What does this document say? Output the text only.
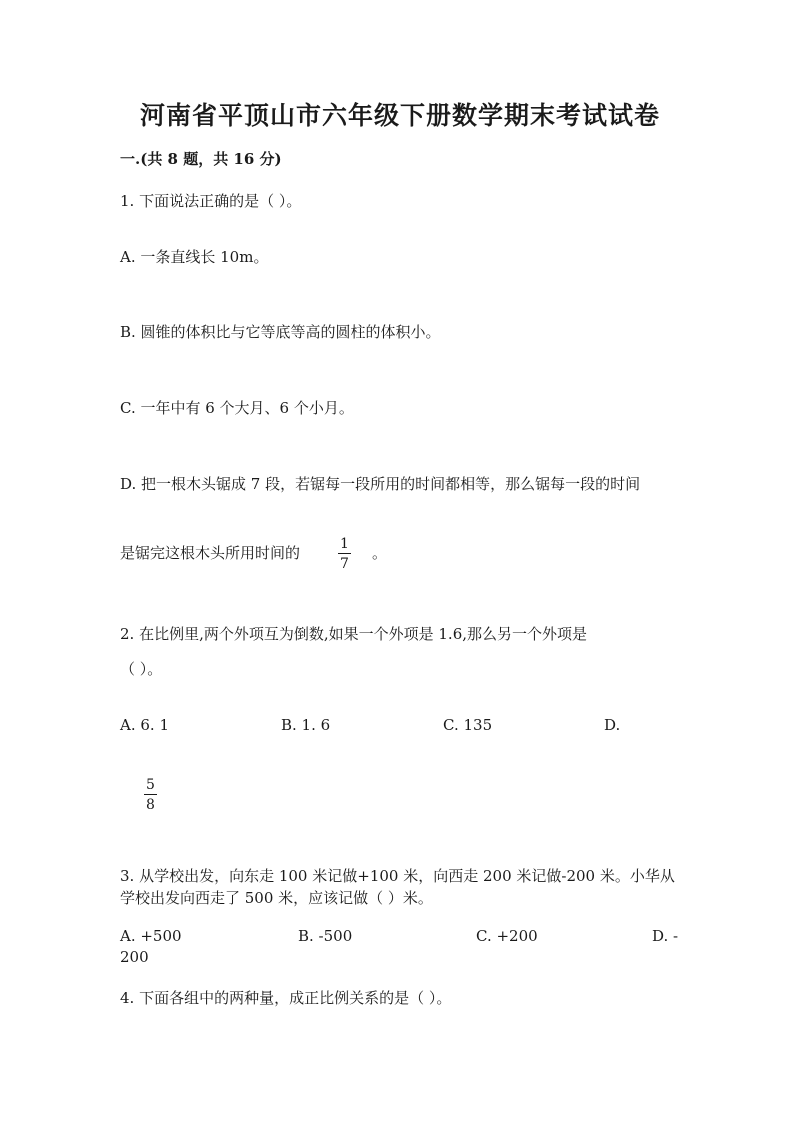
河南省平顶山市六年级下册数学期末考试试卷
一.(共 8 题，共 16 分)
1. 下面说法正确的是（ ）。
A. 一条直线长 10m。
B. 圆锥的体积比与它等底等高的圆柱的体积小。
C. 一年中有 6 个大月、6 个小月。
D. 把一根木头锯成 7 段，若锯每一段所用的时间都相等，那么锯每一段的时间
是锯完这根木头所用时间的	1
7
。
2. 在比例里,两个外项互为倒数,如果一个外项是 1.6,那么另一个外项是
（ ）。
A. 6. 1	B. 1. 6	C. 135	D.
5
8
3. 从学校出发，向东走 100 米记做+100 米，向西走 200 米记做-200 米。小华从
学校出发向西走了 500 米，应该记做（ ）米。
A. +500	B. -500	C. +200	D. -
200
4. 下面各组中的两种量，成正比例关系的是（ ）。
